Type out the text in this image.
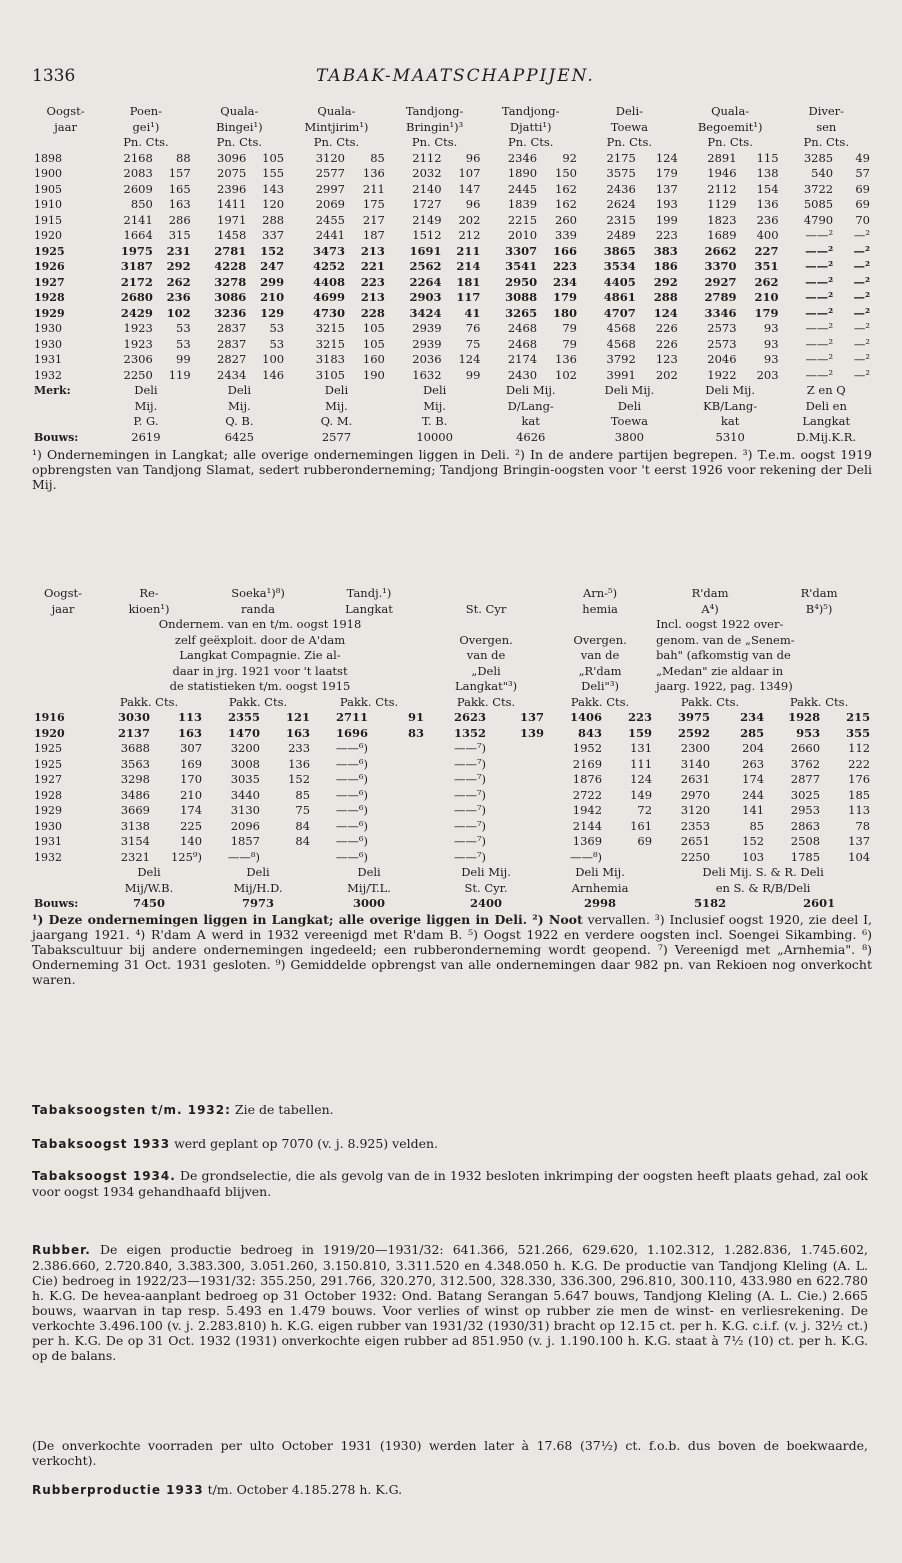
1336	TABAK-MAATSCHAPPIJEN.
Oogst-	Poen-		Quala-		Quala-		Tandjong-		Tandjong-		Deli-		Quala-		Diver-	
jaar	gei¹)		Bingei¹)		Mintjirim¹)		Bringin¹)³		Djatti¹)		Toewa		Begoemit¹)		sen	
	Pn. Cts.		Pn. Cts.		Pn. Cts.		Pn. Cts.		Pn. Cts.		Pn. Cts.		Pn. Cts.		Pn. Cts.	
1898	2168	88	3096	105	3120	85	2112	96	2346	92	2175	124	2891	115	3285	49
1900	2083	157	2075	155	2577	136	2032	107	1890	150	3575	179	1946	138	540	57
1905	2609	165	2396	143	2997	211	2140	147	2445	162	2436	137	2112	154	3722	69
1910	850	163	1411	120	2069	175	1727	96	1839	162	2624	193	1129	136	5085	69
1915	2141	286	1971	288	2455	217	2149	202	2215	260	2315	199	1823	236	4790	70
1920	1664	315	1458	337	2441	187	1512	212	2010	339	2489	223	1689	400	——²	—²
1925	1975	231	2781	152	3473	213	1691	211	3307	166	3865	383	2662	227	——²	—²
1926	3187	292	4228	247	4252	221	2562	214	3541	223	3534	186	3370	351	——²	—²
1927	2172	262	3278	299	4408	223	2264	181	2950	234	4405	292	2927	262	——²	—²
1928	2680	236	3086	210	4699	213	2903	117	3088	179	4861	288	2789	210	——²	—²
1929	2429	102	3236	129	4730	228	3424	41	3265	180	4707	124	3346	179	——²	—²
1930	1923	53	2837	53	3215	105	2939	76	2468	79	4568	226	2573	93	——²	—²
1930	1923	53	2837	53	3215	105	2939	75	2468	79	4568	226	2573	93	——²	—²
1931	2306	99	2827	100	3183	160	2036	124	2174	136	3792	123	2046	93	——²	—²
1932	2250	119	2434	146	3105	190	1632	99	2430	102	3991	202	1922	203	——²	—²
Merk:	Deli		Deli		Deli		Deli		Deli Mij.		Deli Mij.		Deli Mij.		Z en Q	
	Mij.		Mij.		Mij.		Mij.		D/Lang-		Deli		KB/Lang-		Deli en	
	P. G.		Q. B.		Q. M.		T. B.		kat		Toewa		kat		Langkat	
Bouws:	2619		6425		2577		10000		4626		3800		5310		D.Mij.K.R.	

¹) Ondernemingen in Langkat; alle overige ondernemingen liggen in Deli. ²) In de andere partijen begrepen. ³) T.e.m. oogst 1919 opbrengsten van Tandjong Slamat, sedert rubberonderneming; Tandjong Bringin-oogsten voor 't eerst 1926 voor rekening der Deli Mij.

Oogst-	Re-		Soeka¹)⁸)		Tandj.¹)				Arn-⁵)		R'dam		R'dam	
jaar	kioen¹)		randa		Langkat		St. Cyr		hemia		A⁴)		B⁴)⁵)	
	Ondernem. van en t/m. oogst 1918										Incl. oogst 1922 over-			
	zelf geëxploit. door de A'dam						Overgen.		Overgen.		genom. van de „Senem-			
	Langkat Compagnie. Zie al-						van de		van de		bah" (afkomstig van de			
	daar in jrg. 1921 voor 't laatst						„Deli		„R'dam		„Medan" zie aldaar in			
	de statistieken t/m. oogst 1915						Langkat"³)		Deli"³)		jaarg. 1922, pag. 1349)			
	Pakk. Cts.		Pakk. Cts.		Pakk. Cts.		Pakk. Cts.		Pakk. Cts.		Pakk. Cts.		Pakk. Cts.	
1916	3030	113	2355	121	2711	91	2623	137	1406	223	3975	234	1928	215
1920	2137	163	1470	163	1696	83	1352	139	843	159	2592	285	953	355
1925	3688	307	3200	233	——⁶)		——⁷)		1952	131	2300	204	2660	112
1925	3563	169	3008	136	——⁶)		——⁷)		2169	111	3140	263	3762	222
1927	3298	170	3035	152	——⁶)		——⁷)		1876	124	2631	174	2877	176
1928	3486	210	3440	85	——⁶)		——⁷)		2722	149	2970	244	3025	185
1929	3669	174	3130	75	——⁶)		——⁷)		1942	72	3120	141	2953	113
1930	3138	225	2096	84	——⁶)		——⁷)		2144	161	2353	85	2863	78
1931	3154	140	1857	84	——⁶)		——⁷)		1369	69	2651	152	2508	137
1932	2321	125⁹)	——⁸)		——⁶)		——⁷)		——⁸)		2250	103	1785	104
	Deli		Deli		Deli		Deli Mij.		Deli Mij.		Deli Mij. S. & R. Deli			
	Mij/W.B.		Mij/H.D.		Mij/T.L.		St. Cyr.		Arnhemia		en S. & R/B/Deli			
Bouws:	7450		7973		3000		2400		2998		5182		2601	

¹) Deze ondernemingen liggen in Langkat; alle overige liggen in Deli. ²) Noot vervallen. ³) Inclusief oogst 1920, zie deel I, jaargang 1921. ⁴) R'dam A werd in 1932 vereenigd met R'dam B. ⁵) Oogst 1922 en verdere oogsten incl. Soengei Sikambing. ⁶) Tabakscultuur bij andere ondernemingen ingedeeld; een rubberonderneming wordt geopend. ⁷) Vereenigd met „Arnhemia". ⁸) Onderneming 31 Oct. 1931 gesloten. ⁹) Gemiddelde opbrengst van alle ondernemingen daar 982 pn. van Rekioen nog onverkocht waren.

Tabaksoogsten t/m. 1932: Zie de tabellen.

Tabaksoogst 1933 werd geplant op 7070 (v. j. 8.925) velden.

Tabaksoogst 1934. De grondselectie, die als gevolg van de in 1932 besloten inkrimping der oogsten heeft plaats gehad, zal ook voor oogst 1934 gehandhaafd blijven.

Rubber. De eigen productie bedroeg in 1919/20—1931/32: 641.366, 521.266, 629.620, 1.102.312, 1.282.836, 1.745.602, 2.386.660, 2.720.840, 3.383.300, 3.051.260, 3.150.810, 3.311.520 en 4.348.050 h. K.G. De productie van Tandjong Kleling (A. L. Cie) bedroeg in 1922/23—1931/32: 355.250, 291.766, 320.270, 312.500, 328.330, 336.300, 296.810, 300.110, 433.980 en 622.780 h. K.G. De hevea-aanplant bedroeg op 31 October 1932: Ond. Batang Serangan 5.647 bouws, Tandjong Kleling (A. L. Cie.) 2.665 bouws, waarvan in tap resp. 5.493 en 1.479 bouws. Voor verlies of winst op rubber zie men de winst- en verliesrekening. De verkochte 3.496.100 (v. j. 2.283.810) h. K.G. eigen rubber van 1931/32 (1930/31) bracht op 12.15 ct. per h. K.G. c.i.f. (v. j. 32½ ct.) per h. K.G. De op 31 Oct. 1932 (1931) onverkochte eigen rubber ad 851.950 (v. j. 1.190.100 h. K.G. staat à 7½ (10) ct. per h. K.G. op de balans.

(De onverkochte voorraden per ulto October 1931 (1930) werden later à 17.68 (37½) ct. f.o.b. dus boven de boekwaarde, verkocht).

Rubberproductie 1933 t/m. October 4.185.278 h. K.G.
